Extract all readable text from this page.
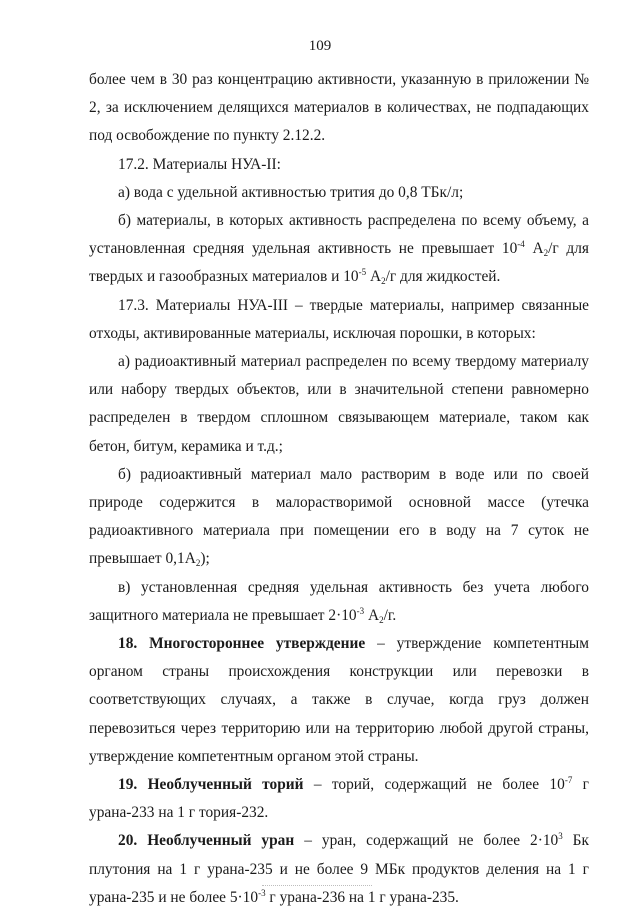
109

более чем в 30 раз концентрацию активности, указанную в приложении № 2, за исключением делящихся материалов в количествах, не подпадающих под освобождение по пункту 2.12.2.

17.2. Материалы НУА-II:

а) вода с удельной активностью трития до 0,8 ТБк/л;

б) материалы, в которых активность распределена по всему объему, а установленная средняя удельная активность не превышает $10^{-4}$ $А_2/г$ для твердых и газообразных материалов и $10^{-5}$ $А_2/г$ для жидкостей.

17.3. Материалы НУА-III – твердые материалы, например связанные отходы, активированные материалы, исключая порошки, в которых:

а) радиоактивный материал распределен по всему твердому материалу или набору твердых объектов, или в значительной степени равномерно распределен в твердом сплошном связывающем материале, таком как бетон, битум, керамика и т.д.;

б) радиоактивный материал мало растворим в воде или по своей природе содержится в малорастворимой основной массе (утечка радиоактивного материала при помещении его в воду на 7 суток не превышает $0,1А_2$);

в) установленная средняя удельная активность без учета любого защитного материала не превышает $2\cdot 10^{-3}$ $А_2/г$.

18. Многостороннее утверждение – утверждение компетентным органом страны происхождения конструкции или перевозки в соответствующих случаях, а также в случае, когда груз должен перевозиться через территорию или на территорию любой другой страны, утверждение компетентным органом этой страны.

19. Необлученный торий – торий, содержащий не более $10^{-7}$ г урана-233 на 1 г тория-232.

20. Необлученный уран – уран, содержащий не более $2\cdot 10^3$ Бк плутония на 1 г урана-235 и не более 9 МБк продуктов деления на 1 г урана-235 и не более $5\cdot 10^{-3}$ г урана-236 на 1 г урана-235.
